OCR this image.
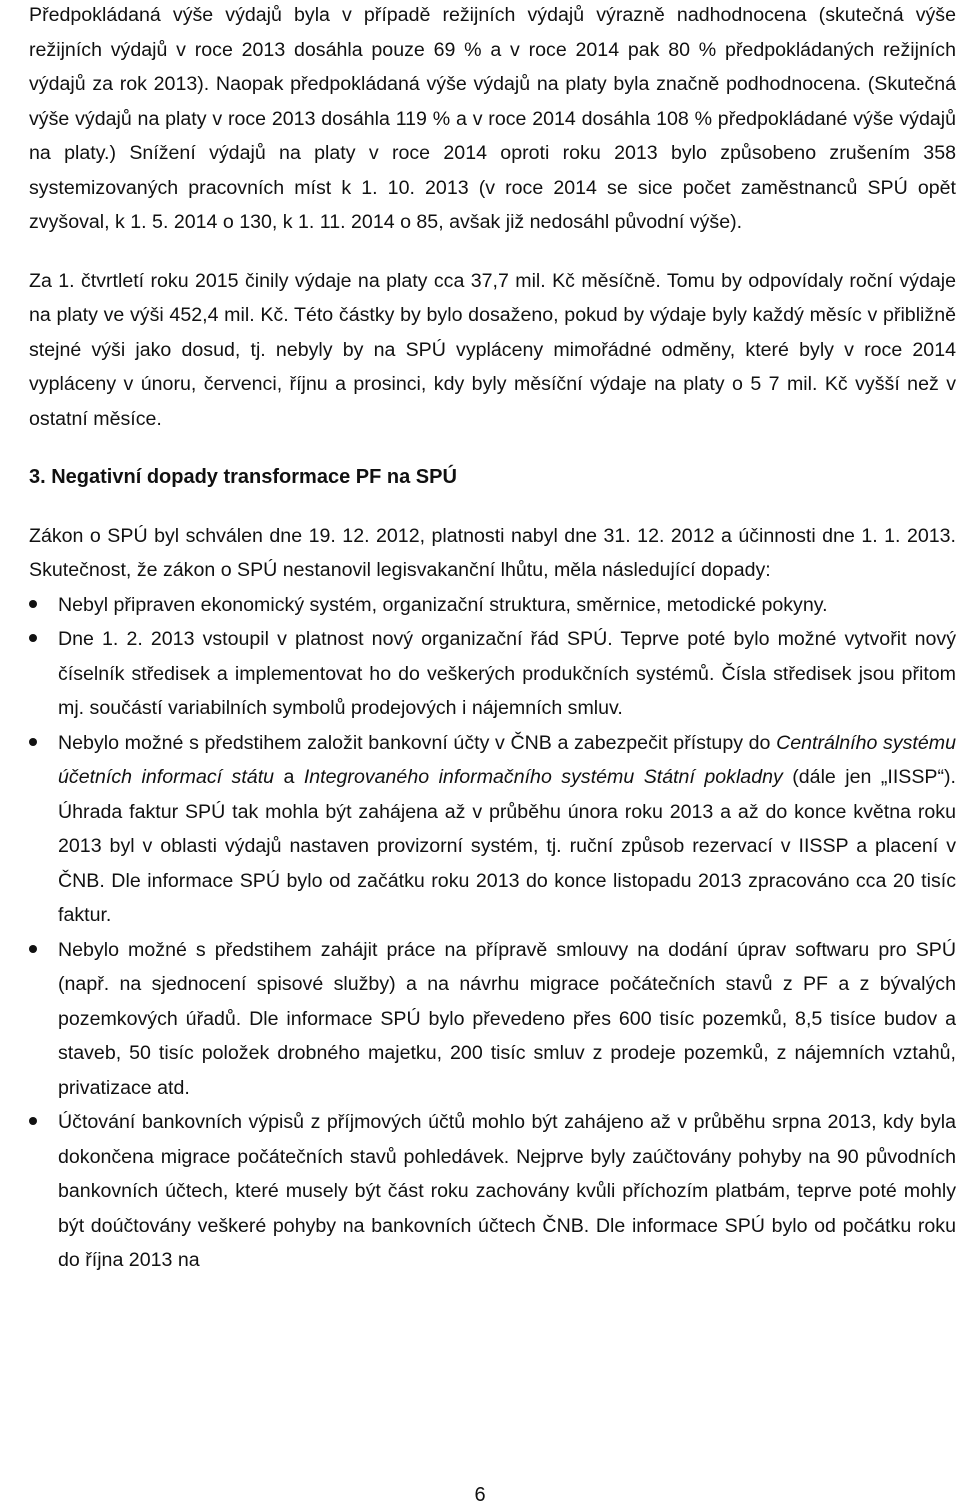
Předpokládaná výše výdajů byla v případě režijních výdajů výrazně nadhodnocena (skutečná výše režijních výdajů v roce 2013 dosáhla pouze 69 % a v roce 2014 pak 80 % předpokládaných režijních výdajů za rok 2013). Naopak předpokládaná výše výdajů na platy byla značně podhodnocena. (Skutečná výše výdajů na platy v roce 2013 dosáhla 119 % a v roce 2014 dosáhla 108 % předpokládané výše výdajů na platy.) Snížení výdajů na platy v roce 2014 oproti roku 2013 bylo způsobeno zrušením 358 systemizovaných pracovních míst k 1. 10. 2013 (v roce 2014 se sice počet zaměstnanců SPÚ opět zvyšoval, k 1. 5. 2014 o 130, k 1. 11. 2014 o 85, avšak již nedosáhl původní výše).

Za 1. čtvrtletí roku 2015 činily výdaje na platy cca 37,7 mil. Kč měsíčně. Tomu by odpovídaly roční výdaje na platy ve výši 452,4 mil. Kč. Této částky by bylo dosaženo, pokud by výdaje byly každý měsíc v přibližně stejné výši jako dosud, tj. nebyly by na SPÚ vypláceny mimořádné odměny, které byly v roce 2014 vypláceny v únoru, červenci, říjnu a prosinci, kdy byly měsíční výdaje na platy o 5 7 mil. Kč vyšší než v ostatní měsíce.

3. Negativní dopady transformace PF na SPÚ

Zákon o SPÚ byl schválen dne 19. 12. 2012, platnosti nabyl dne 31. 12. 2012 a účinnosti dne 1. 1. 2013. Skutečnost, že zákon o SPÚ nestanovil legisvakanční lhůtu, měla následující dopady:

Nebyl připraven ekonomický systém, organizační struktura, směrnice, metodické pokyny.
Dne 1. 2. 2013 vstoupil v platnost nový organizační řád SPÚ. Teprve poté bylo možné vytvořit nový číselník středisek a implementovat ho do veškerých produkčních systémů. Čísla středisek jsou přitom mj. součástí variabilních symbolů prodejových i nájemních smluv.
Nebylo možné s předstihem založit bankovní účty v ČNB a zabezpečit přístupy do Centrálního systému účetních informací státu a Integrovaného informačního systému Státní pokladny (dále jen „IISSP“). Úhrada faktur SPÚ tak mohla být zahájena až v průběhu února roku 2013 a až do konce května roku 2013 byl v oblasti výdajů nastaven provizorní systém, tj. ruční způsob rezervací v IISSP a placení v ČNB. Dle informace SPÚ bylo od začátku roku 2013 do konce listopadu 2013 zpracováno cca 20 tisíc faktur.
Nebylo možné s předstihem zahájit práce na přípravě smlouvy na dodání úprav softwaru pro SPÚ (např. na sjednocení spisové služby) a na návrhu migrace počátečních stavů z PF a z bývalých pozemkových úřadů. Dle informace SPÚ bylo převedeno přes 600 tisíc pozemků, 8,5 tisíce budov a staveb, 50 tisíc položek drobného majetku, 200 tisíc smluv z prodeje pozemků, z nájemních vztahů, privatizace atd.
Účtování bankovních výpisů z příjmových účtů mohlo být zahájeno až v průběhu srpna 2013, kdy byla dokončena migrace počátečních stavů pohledávek. Nejprve byly zaúčtovány pohyby na 90 původních bankovních účtech, které musely být část roku zachovány kvůli příchozím platbám, teprve poté mohly být doúčtovány veškeré pohyby na bankovních účtech ČNB. Dle informace SPÚ bylo od počátku roku do října 2013 na
6
